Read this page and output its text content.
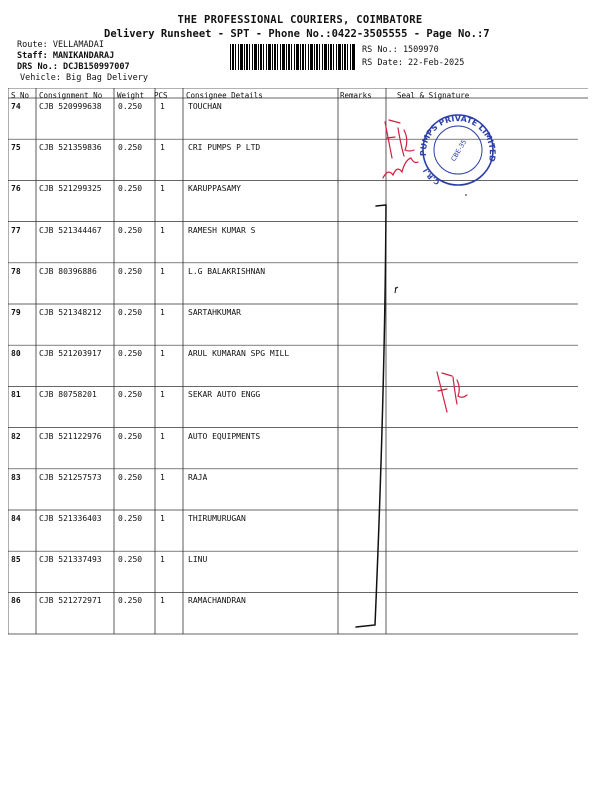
THE PROFESSIONAL COURIERS, COIMBATORE
Delivery Runsheet - SPT - Phone No.:0422-3505555 - Page No.:7
Route: VELLAMADAI
Staff: MANIKANDARAJ
DRS No.: DCJB150997007
Vehicle: Big Bag Delivery
RS No.: 1509970
RS Date: 22-Feb-2025
S No Consignment No Weight PCS Consignee Details	Remarks	Seal & Signature
74 CJB 520999638 0.250 1	TOUCHAN
75 CJB 521359836 0.250 1	CRI PUMPS P LTD
76 CJB 521299325 0.250 1	KARUPPASAMY
77 CJB 521344467 0.250 1	RAMESH KUMAR S
78 CJB 80396886	0.250 1	L.G BALAKRISHNAN
79 CJB 521348212 0.250 1	SARTAHKUMAR
80 CJB 521203917 0.250 1	ARUL KUMARAN SPG MILL
81 CJB 80758201	0.250 1	SEKAR AUTO ENGG
82 CJB 521122976 0.250 1	AUTO EQUIPMENTS
83 CJB 521257573 0.250 1	RAJA
84 CJB 521336403 0.250 1	THIRUMURUGAN
85 CJB 521337493 0.250 1	LINU
86 CJB 521272971 0.250 1	RAMACHANDRAN
PUMPS PRIVATE LIMITED
C.R.I
CBE-35
